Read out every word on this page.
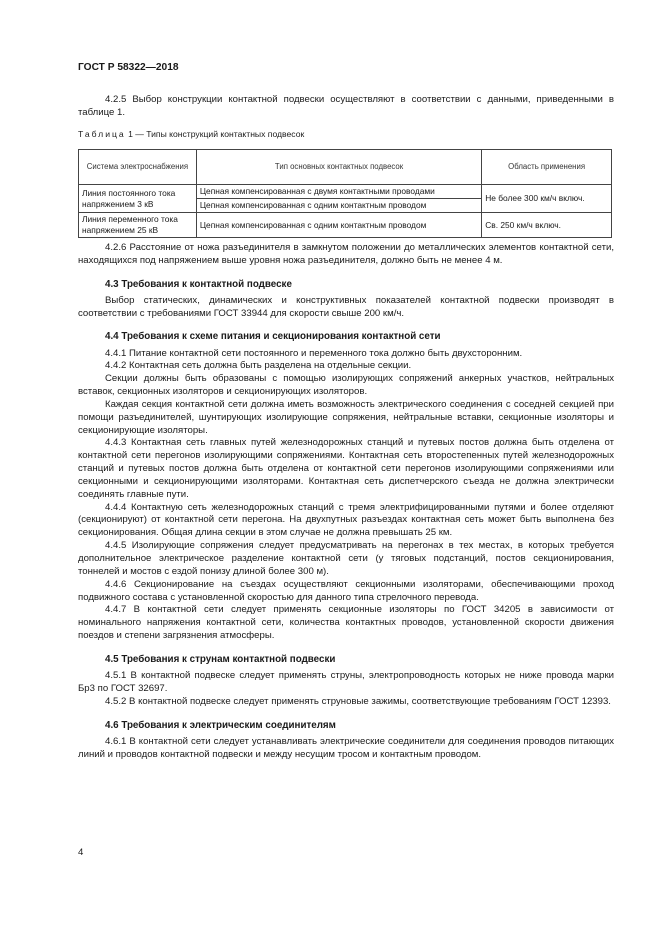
ГОСТ Р 58322—2018

4.2.5 Выбор конструкции контактной подвески осуществляют в соответствии с данными, приведенными в таблице 1.

Таблица 1 — Типы конструкций контактных подвесок
Система электроснабжения	Тип основных контактных подвесок	Область применения
Линия постоянного тока напряжением 3 кВ	Цепная компенсированная с двумя контактными проводами	Не более 300 км/ч включ.
	Цепная компенсированная с одним контактным проводом	
Линия переменного тока напряжением 25 кВ	Цепная компенсированная с одним контактным проводом	Св. 250 км/ч включ.

4.2.6 Расстояние от ножа разъединителя в замкнутом положении до металлических элементов контактной сети, находящихся под напряжением выше уровня ножа разъединителя, должно быть не менее 4 м.

4.3 Требования к контактной подвеске

Выбор статических, динамических и конструктивных показателей контактной подвески производят в соответствии с требованиями ГОСТ 33944 для скорости свыше 200 км/ч.

4.4 Требования к схеме питания и секционирования контактной сети

4.4.1 Питание контактной сети постоянного и переменного тока должно быть двухсторонним.

4.4.2 Контактная сеть должна быть разделена на отдельные секции.

Секции должны быть образованы с помощью изолирующих сопряжений анкерных участков, нейтральных вставок, секционных изоляторов и секционирующих изоляторов.

Каждая секция контактной сети должна иметь возможность электрического соединения с соседней секцией при помощи разъединителей, шунтирующих изолирующие сопряжения, нейтральные вставки, секционные изоляторы и секционирующие изоляторы.

4.4.3 Контактная сеть главных путей железнодорожных станций и путевых постов должна быть отделена от контактной сети перегонов изолирующими сопряжениями. Контактная сеть второстепенных путей железнодорожных станций и путевых постов должна быть отделена от контактной сети перегонов изолирующими сопряжениями или секционными и секционирующими изоляторами. Контактная сеть диспетчерского съезда не должна электрически соединять главные пути.

4.4.4 Контактную сеть железнодорожных станций с тремя электрифицированными путями и более отделяют (секционируют) от контактной сети перегона. На двухпутных разъездах контактная сеть может быть выполнена без секционирования. Общая длина секции в этом случае не должна превышать 25 км.

4.4.5 Изолирующие сопряжения следует предусматривать на перегонах в тех местах, в которых требуется дополнительное электрическое разделение контактной сети (у тяговых подстанций, постов секционирования, тоннелей и мостов с ездой понизу длиной более 300 м).

4.4.6 Секционирование на съездах осуществляют секционными изоляторами, обеспечивающими проход подвижного состава с установленной скоростью для данного типа стрелочного перевода.

4.4.7 В контактной сети следует применять секционные изоляторы по ГОСТ 34205 в зависимости от номинального напряжения контактной сети, количества контактных проводов, установленной скорости движения поездов и степени загрязнения атмосферы.

4.5 Требования к струнам контактной подвески

4.5.1 В контактной подвеске следует применять струны, электропроводность которых не ниже провода марки Бр3 по ГОСТ 32697.

4.5.2 В контактной подвеске следует применять струновые зажимы, соответствующие требованиям ГОСТ 12393.

4.6 Требования к электрическим соединителям

4.6.1 В контактной сети следует устанавливать электрические соединители для соединения проводов питающих линий и проводов контактной подвески и между несущим тросом и контактным проводом.

4
